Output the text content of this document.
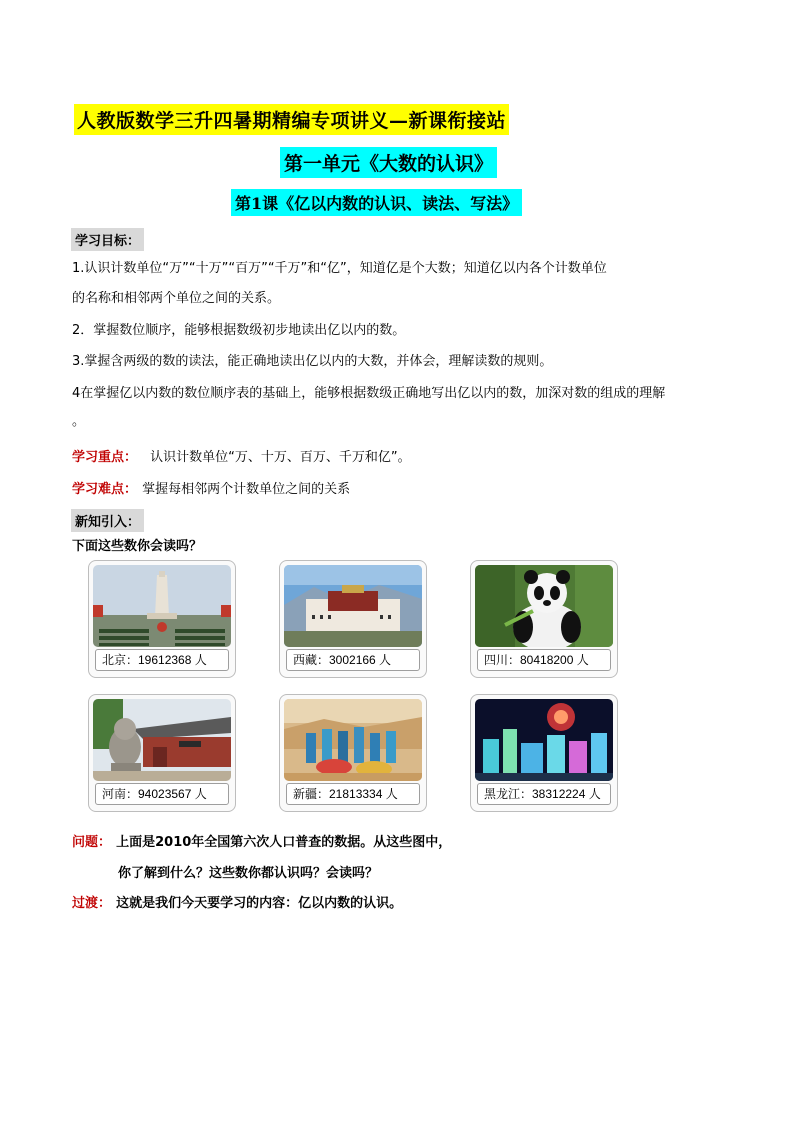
人教版数学三升四暑期精编专项讲义—新课衔接站
第一单元《大数的认识》
第1课《亿以内数的认识、读法、写法》
学习目标：
1.认识计数单位“万”“十万”“百万”“千万”和“亿”，知道亿是个大数；知道亿以内各个计数单位
的名称和相邻两个单位之间的关系。
2．掌握数位顺序，能够根据数级初步地读出亿以内的数。
3.掌握含两级的数的读法，能正确地读出亿以内的大数，并体会，理解读数的规则。
4在掌握亿以内数的数位顺序表的基础上，能够根据数级正确地写出亿以内的数，加深对数的组成的理解
。
学习重点： 认识计数单位“万、十万、百万、千万和亿”。
学习难点： 掌握每相邻两个计数单位之间的关系
新知引入：
下面这些数你会读吗？
北京：19612368 人	西藏：3002166 人	四川：80418200 人
河南：94023567 人	新疆：21813334 人	黑龙江：38312224 人
问题： 上面是2010年全国第六次人口普查的数据。从这些图中，
你了解到什么？这些数你都认识吗？会读吗？
过渡： 这就是我们今天要学习的内容：亿以内数的认识。
